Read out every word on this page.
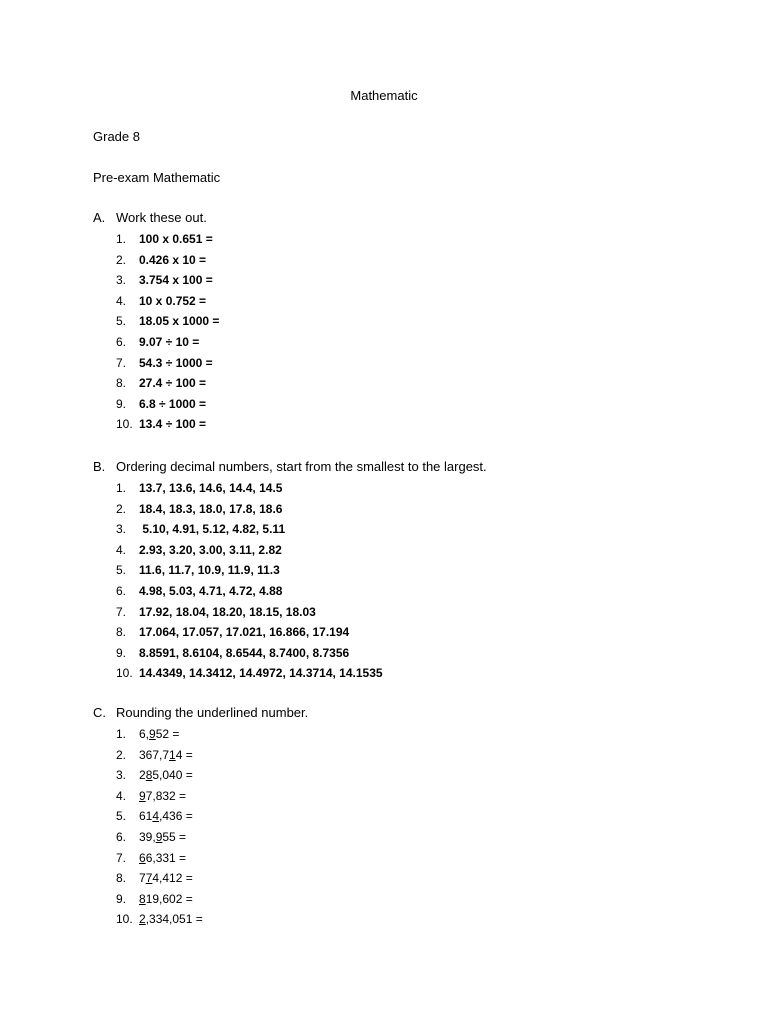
Mathematic
Grade 8
Pre-exam Mathematic
A. Work these out.
1. 100 x 0.651 =
2. 0.426 x 10 =
3. 3.754 x 100 =
4. 10 x 0.752 =
5. 18.05 x 1000 =
6. 9.07 ÷ 10 =
7. 54.3 ÷ 1000 =
8. 27.4 ÷ 100 =
9. 6.8 ÷ 1000 =
10. 13.4 ÷ 100 =
B. Ordering decimal numbers, start from the smallest to the largest.
1. 13.7, 13.6, 14.6, 14.4, 14.5
2. 18.4, 18.3, 18.0, 17.8, 18.6
3. 5.10, 4.91, 5.12, 4.82, 5.11
4. 2.93, 3.20, 3.00, 3.11, 2.82
5. 11.6, 11.7, 10.9, 11.9, 11.3
6. 4.98, 5.03, 4.71, 4.72, 4.88
7. 17.92, 18.04, 18.20, 18.15, 18.03
8. 17.064, 17.057, 17.021, 16.866, 17.194
9. 8.8591, 8.6104, 8.6544, 8.7400, 8.7356
10. 14.4349, 14.3412, 14.4972, 14.3714, 14.1535
C. Rounding the underlined number.
1. 6,952 =
2. 367,714 =
3. 285,040 =
4. 97,832 =
5. 614,436 =
6. 39,955 =
7. 66,331 =
8. 774,412 =
9. 819,602 =
10. 2,334,051 =
